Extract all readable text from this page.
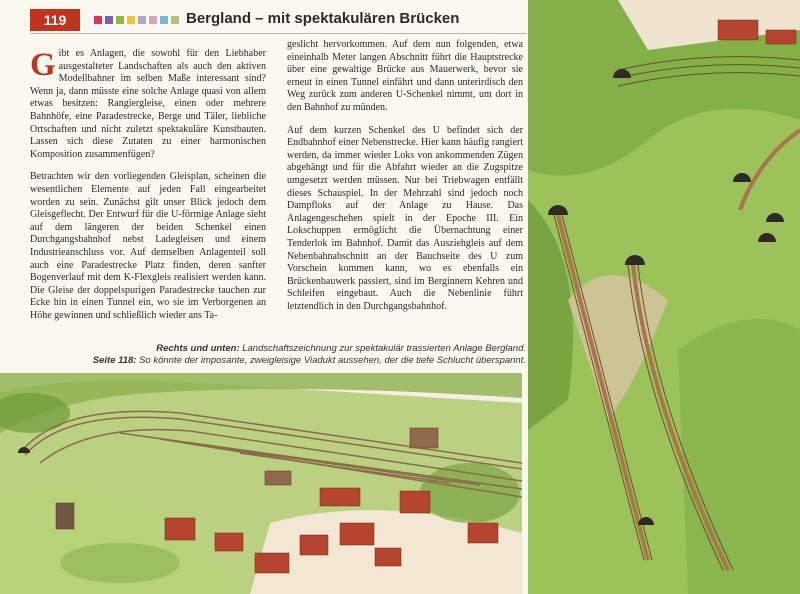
119	Bergland – mit spektakulären Brücken

Gibt es Anlagen, die sowohl für den Liebhaber ausgestalteter Landschaften als auch den aktiven Modellbahner im selben Maße interessant sind? Wenn ja, dann müsste eine solche Anlage quasi von allem etwas besitzen: Rangiergleise, einen oder mehrere Bahnhöfe, eine Paradestrecke, Berge und Täler, liebliche Ortschaften und nicht zuletzt spektakuläre Kunstbauten. Lassen sich diese Zutaten zu einer harmonischen Komposition zusammenfügen?

Betrachten wir den vorliegenden Gleisplan, scheinen die wesentlichen Elemente auf jeden Fall eingearbeitet worden zu sein. Zunächst gilt unser Blick jedoch dem Gleisgeflecht. Der Entwurf für die U-förmige Anlage sieht auf dem längeren der beiden Schenkel einen Durchgangsbahnhof nebst Ladegleisen und einem Industrieanschluss vor. Auf demselben Anlagenteil soll auch eine Paradestrecke Platz finden, deren sanfter Bogenverlauf mit dem K-Flexgleis realisiert werden kann. Die Gleise der doppelspurigen Paradestrecke tauchen zur Ecke hin in einen Tunnel ein, wo sie im Verborgenen an Höhe gewinnen und schließlich wieder ans Ta-

geslicht hervorkommen. Auf dem nun folgenden, etwa eineinhalb Meter langen Abschnitt führt die Hauptstrecke über eine gewaltige Brücke aus Mauerwerk, bevor sie erneut in einen Tunnel einfährt und dann unterirdisch den Weg zurück zum anderen U-Schenkel nimmt, um dort in den Bahnhof zu münden.

Auf dem kurzen Schenkel des U befindet sich der Endbahnhof einer Nebenstrecke. Hier kann häufig rangiert werden, da immer wieder Loks von ankommenden Zügen abgehängt und für die Abfahrt wieder an die Zugspitze umgesetzt werden müssen. Nur bei Triebwagen entfällt dieses Schauspiel. In der Mehrzahl sind jedoch noch Dampfloks auf der Anlage zu Hause. Das Anlagengeschehen spielt in der Epoche III. Ein Lokschuppen ermöglicht die Übernachtung einer Tenderlok im Bahnhof. Damit das Ausziehgleis auf dem Nebenbahnabschnitt an der Bauchseite des U zum Vorschein kommen kann, wo es ebenfalls ein Brückenbauwerk passiert, sind im Berginnern Kehren und Schleifen eingebaut. Auch die Nebenlinie führt letztendlich in den Durchgangsbahnhof.

Rechts und unten: Landschaftszeichnung zur spektakulär trassierten Anlage Bergland.
Seite 118: So könnte der imposante, zweigleisige Viadukt aussehen, der die tiefe Schlucht überspannt.
